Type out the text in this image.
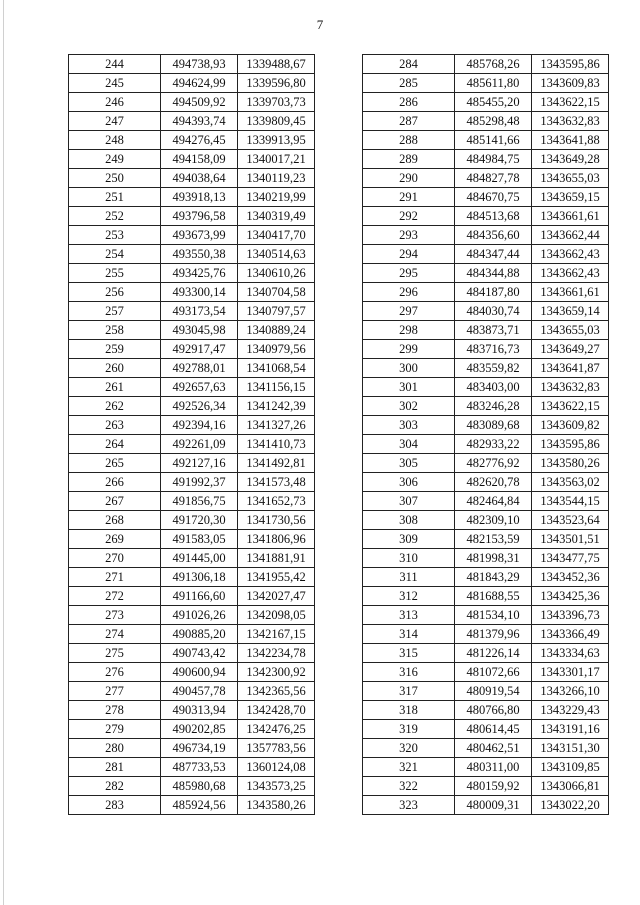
7
244	494738,93	1339488,67
245	494624,99	1339596,80
246	494509,92	1339703,73
247	494393,74	1339809,45
248	494276,45	1339913,95
249	494158,09	1340017,21
250	494038,64	1340119,23
251	493918,13	1340219,99
252	493796,58	1340319,49
253	493673,99	1340417,70
254	493550,38	1340514,63
255	493425,76	1340610,26
256	493300,14	1340704,58
257	493173,54	1340797,57
258	493045,98	1340889,24
259	492917,47	1340979,56
260	492788,01	1341068,54
261	492657,63	1341156,15
262	492526,34	1341242,39
263	492394,16	1341327,26
264	492261,09	1341410,73
265	492127,16	1341492,81
266	491992,37	1341573,48
267	491856,75	1341652,73
268	491720,30	1341730,56
269	491583,05	1341806,96
270	491445,00	1341881,91
271	491306,18	1341955,42
272	491166,60	1342027,47
273	491026,26	1342098,05
274	490885,20	1342167,15
275	490743,42	1342234,78
276	490600,94	1342300,92
277	490457,78	1342365,56
278	490313,94	1342428,70
279	490202,85	1342476,25
280	496734,19	1357783,56
281	487733,53	1360124,08
282	485980,68	1343573,25
283	485924,56	1343580,26
284	485768,26	1343595,86
285	485611,80	1343609,83
286	485455,20	1343622,15
287	485298,48	1343632,83
288	485141,66	1343641,88
289	484984,75	1343649,28
290	484827,78	1343655,03
291	484670,75	1343659,15
292	484513,68	1343661,61
293	484356,60	1343662,44
294	484347,44	1343662,43
295	484344,88	1343662,43
296	484187,80	1343661,61
297	484030,74	1343659,14
298	483873,71	1343655,03
299	483716,73	1343649,27
300	483559,82	1343641,87
301	483403,00	1343632,83
302	483246,28	1343622,15
303	483089,68	1343609,82
304	482933,22	1343595,86
305	482776,92	1343580,26
306	482620,78	1343563,02
307	482464,84	1343544,15
308	482309,10	1343523,64
309	482153,59	1343501,51
310	481998,31	1343477,75
311	481843,29	1343452,36
312	481688,55	1343425,36
313	481534,10	1343396,73
314	481379,96	1343366,49
315	481226,14	1343334,63
316	481072,66	1343301,17
317	480919,54	1343266,10
318	480766,80	1343229,43
319	480614,45	1343191,16
320	480462,51	1343151,30
321	480311,00	1343109,85
322	480159,92	1343066,81
323	480009,31	1343022,20
